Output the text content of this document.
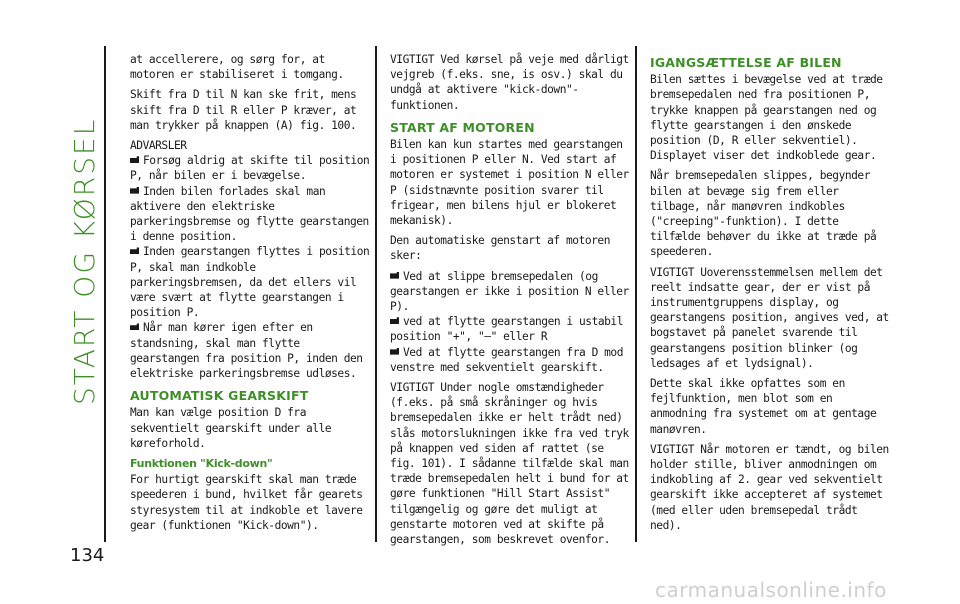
START OG KØRSEL
134
carmanualsonline.info

at accellerere, og sørg for, at motoren er stabiliseret i tomgang.

Skift fra D til N kan ske frit, mens skift fra D til R eller P kræver, at man trykker på knappen (A) fig. 100.

ADVARSLER

Forsøg aldrig at skifte til position P, når bilen er i bevægelse.

Inden bilen forlades skal man aktivere den elektriske parkeringsbremse og flytte gearstangen i denne position.

Inden gearstangen flyttes i position P, skal man indkoble parkeringsbremsen, da det ellers vil være svært at flytte gearstangen i position P.

Når man kører igen efter en standsning, skal man flytte gearstangen fra position P, inden den elektriske parkeringsbremse udløses.

AUTOMATISK GEARSKIFT

Man kan vælge position D fra sekventielt gearskift under alle køreforhold.

Funktionen "Kick-down"

For hurtigt gearskift skal man træde speederen i bund, hvilket får gearets styresystem til at indkoble et lavere gear (funktionen "Kick-down").

VIGTIGT Ved kørsel på veje med dårligt vejgreb (f.eks. sne, is osv.) skal du undgå at aktivere "kick-down"-funktionen.

START AF MOTOREN

Bilen kan kun startes med gearstangen i positionen P eller N. Ved start af motoren er systemet i position N eller P (sidstnævnte position svarer til frigear, men bilens hjul er blokeret mekanisk).

Den automatiske genstart af motoren sker:

Ved at slippe bremsepedalen (og gearstangen er ikke i position N eller P).

ved at flytte gearstangen i ustabil position "+", "–" eller R

Ved at flytte gearstangen fra D mod venstre med sekventielt gearskift.

VIGTIGT Under nogle omstændigheder (f.eks. på små skråninger og hvis bremsepedalen ikke er helt trådt ned) slås motorslukningen ikke fra ved tryk på knappen ved siden af rattet (se fig. 101). I sådanne tilfælde skal man træde bremsepedalen helt i bund for at gøre funktionen "Hill Start Assist" tilgængelig og gøre det muligt at genstarte motoren ved at skifte på gearstangen, som beskrevet ovenfor.

IGANGSÆTTELSE AF BILEN

Bilen sættes i bevægelse ved at træde bremsepedalen ned fra positionen P, trykke knappen på gearstangen ned og flytte gearstangen i den ønskede position (D, R eller sekventiel). Displayet viser det indkoblede gear.

Når bremsepedalen slippes, begynder bilen at bevæge sig frem eller tilbage, når manøvren indkobles ("creeping"-funktion). I dette tilfælde behøver du ikke at træde på speederen.

VIGTIGT Uoverensstemmelsen mellem det reelt indsatte gear, der er vist på instrumentgruppens display, og gearstangens position, angives ved, at bogstavet på panelet svarende til gearstangens position blinker (og ledsages af et lydsignal).

Dette skal ikke opfattes som en fejlfunktion, men blot som en anmodning fra systemet om at gentage manøvren.

VIGTIGT Når motoren er tændt, og bilen holder stille, bliver anmodningen om indkobling af 2. gear ved sekventielt gearskift ikke accepteret af systemet (med eller uden bremsepedal trådt ned).
